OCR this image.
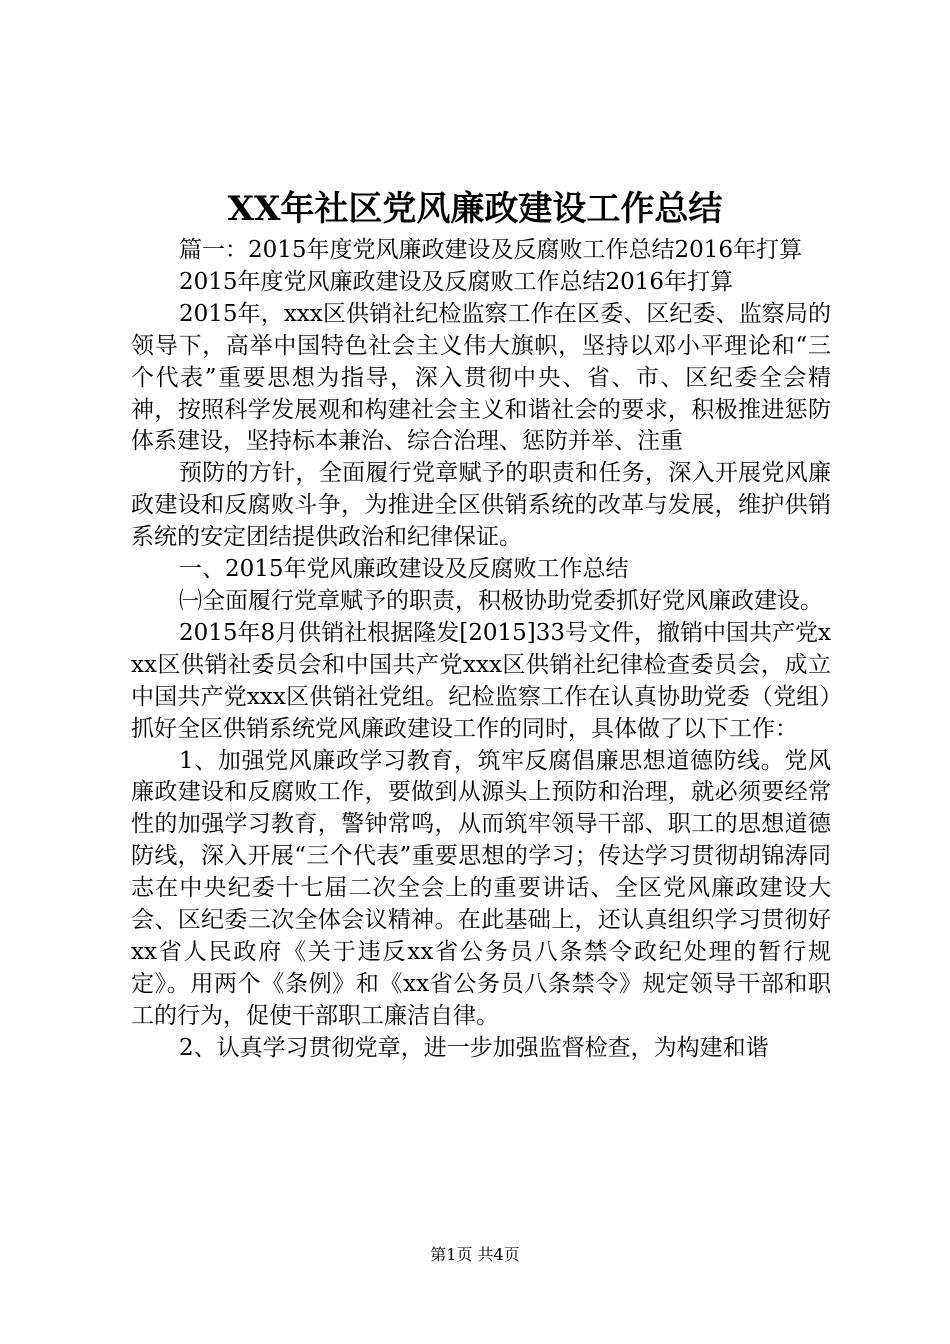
XX年社区党风廉政建设工作总结

篇一：2015年度党风廉政建设及反腐败工作总结2016年打算

2015年度党风廉政建设及反腐败工作总结2016年打算

2015年，xxx区供销社纪检监察工作在区委、区纪委、监察局的领导下，高举中国特色社会主义伟大旗帜，坚持以邓小平理论和“三个代表”重要思想为指导，深入贯彻中央、省、市、区纪委全会精神，按照科学发展观和构建社会主义和谐社会的要求，积极推进惩防体系建设，坚持标本兼治、综合治理、惩防并举、注重

预防的方针，全面履行党章赋予的职责和任务，深入开展党风廉政建设和反腐败斗争，为推进全区供销系统的改革与发展，维护供销系统的安定团结提供政治和纪律保证。

一、2015年党风廉政建设及反腐败工作总结

㈠全面履行党章赋予的职责，积极协助党委抓好党风廉政建设。

2015年8月供销社根据隆发[2015]33号文件，撤销中国共产党xxx区供销社委员会和中国共产党xxx区供销社纪律检查委员会，成立中国共产党xxx区供销社党组。纪检监察工作在认真协助党委（党组）抓好全区供销系统党风廉政建设工作的同时，具体做了以下工作：

1、加强党风廉政学习教育，筑牢反腐倡廉思想道德防线。党风廉政建设和反腐败工作，要做到从源头上预防和治理，就必须要经常性的加强学习教育，警钟常鸣，从而筑牢领导干部、职工的思想道德防线，深入开展“三个代表”重要思想的学习；传达学习贯彻胡锦涛同志在中央纪委十七届二次全会上的重要讲话、全区党风廉政建设大会、区纪委三次全体会议精神。在此基础上，还认真组织学习贯彻好xx省人民政府《关于违反xx省公务员八条禁令政纪处理的暂行规定》。用两个《条例》和《xx省公务员八条禁令》规定领导干部和职工的行为，促使干部职工廉洁自律。

2、认真学习贯彻党章，进一步加强监督检查，为构建和谐

第1页 共4页
